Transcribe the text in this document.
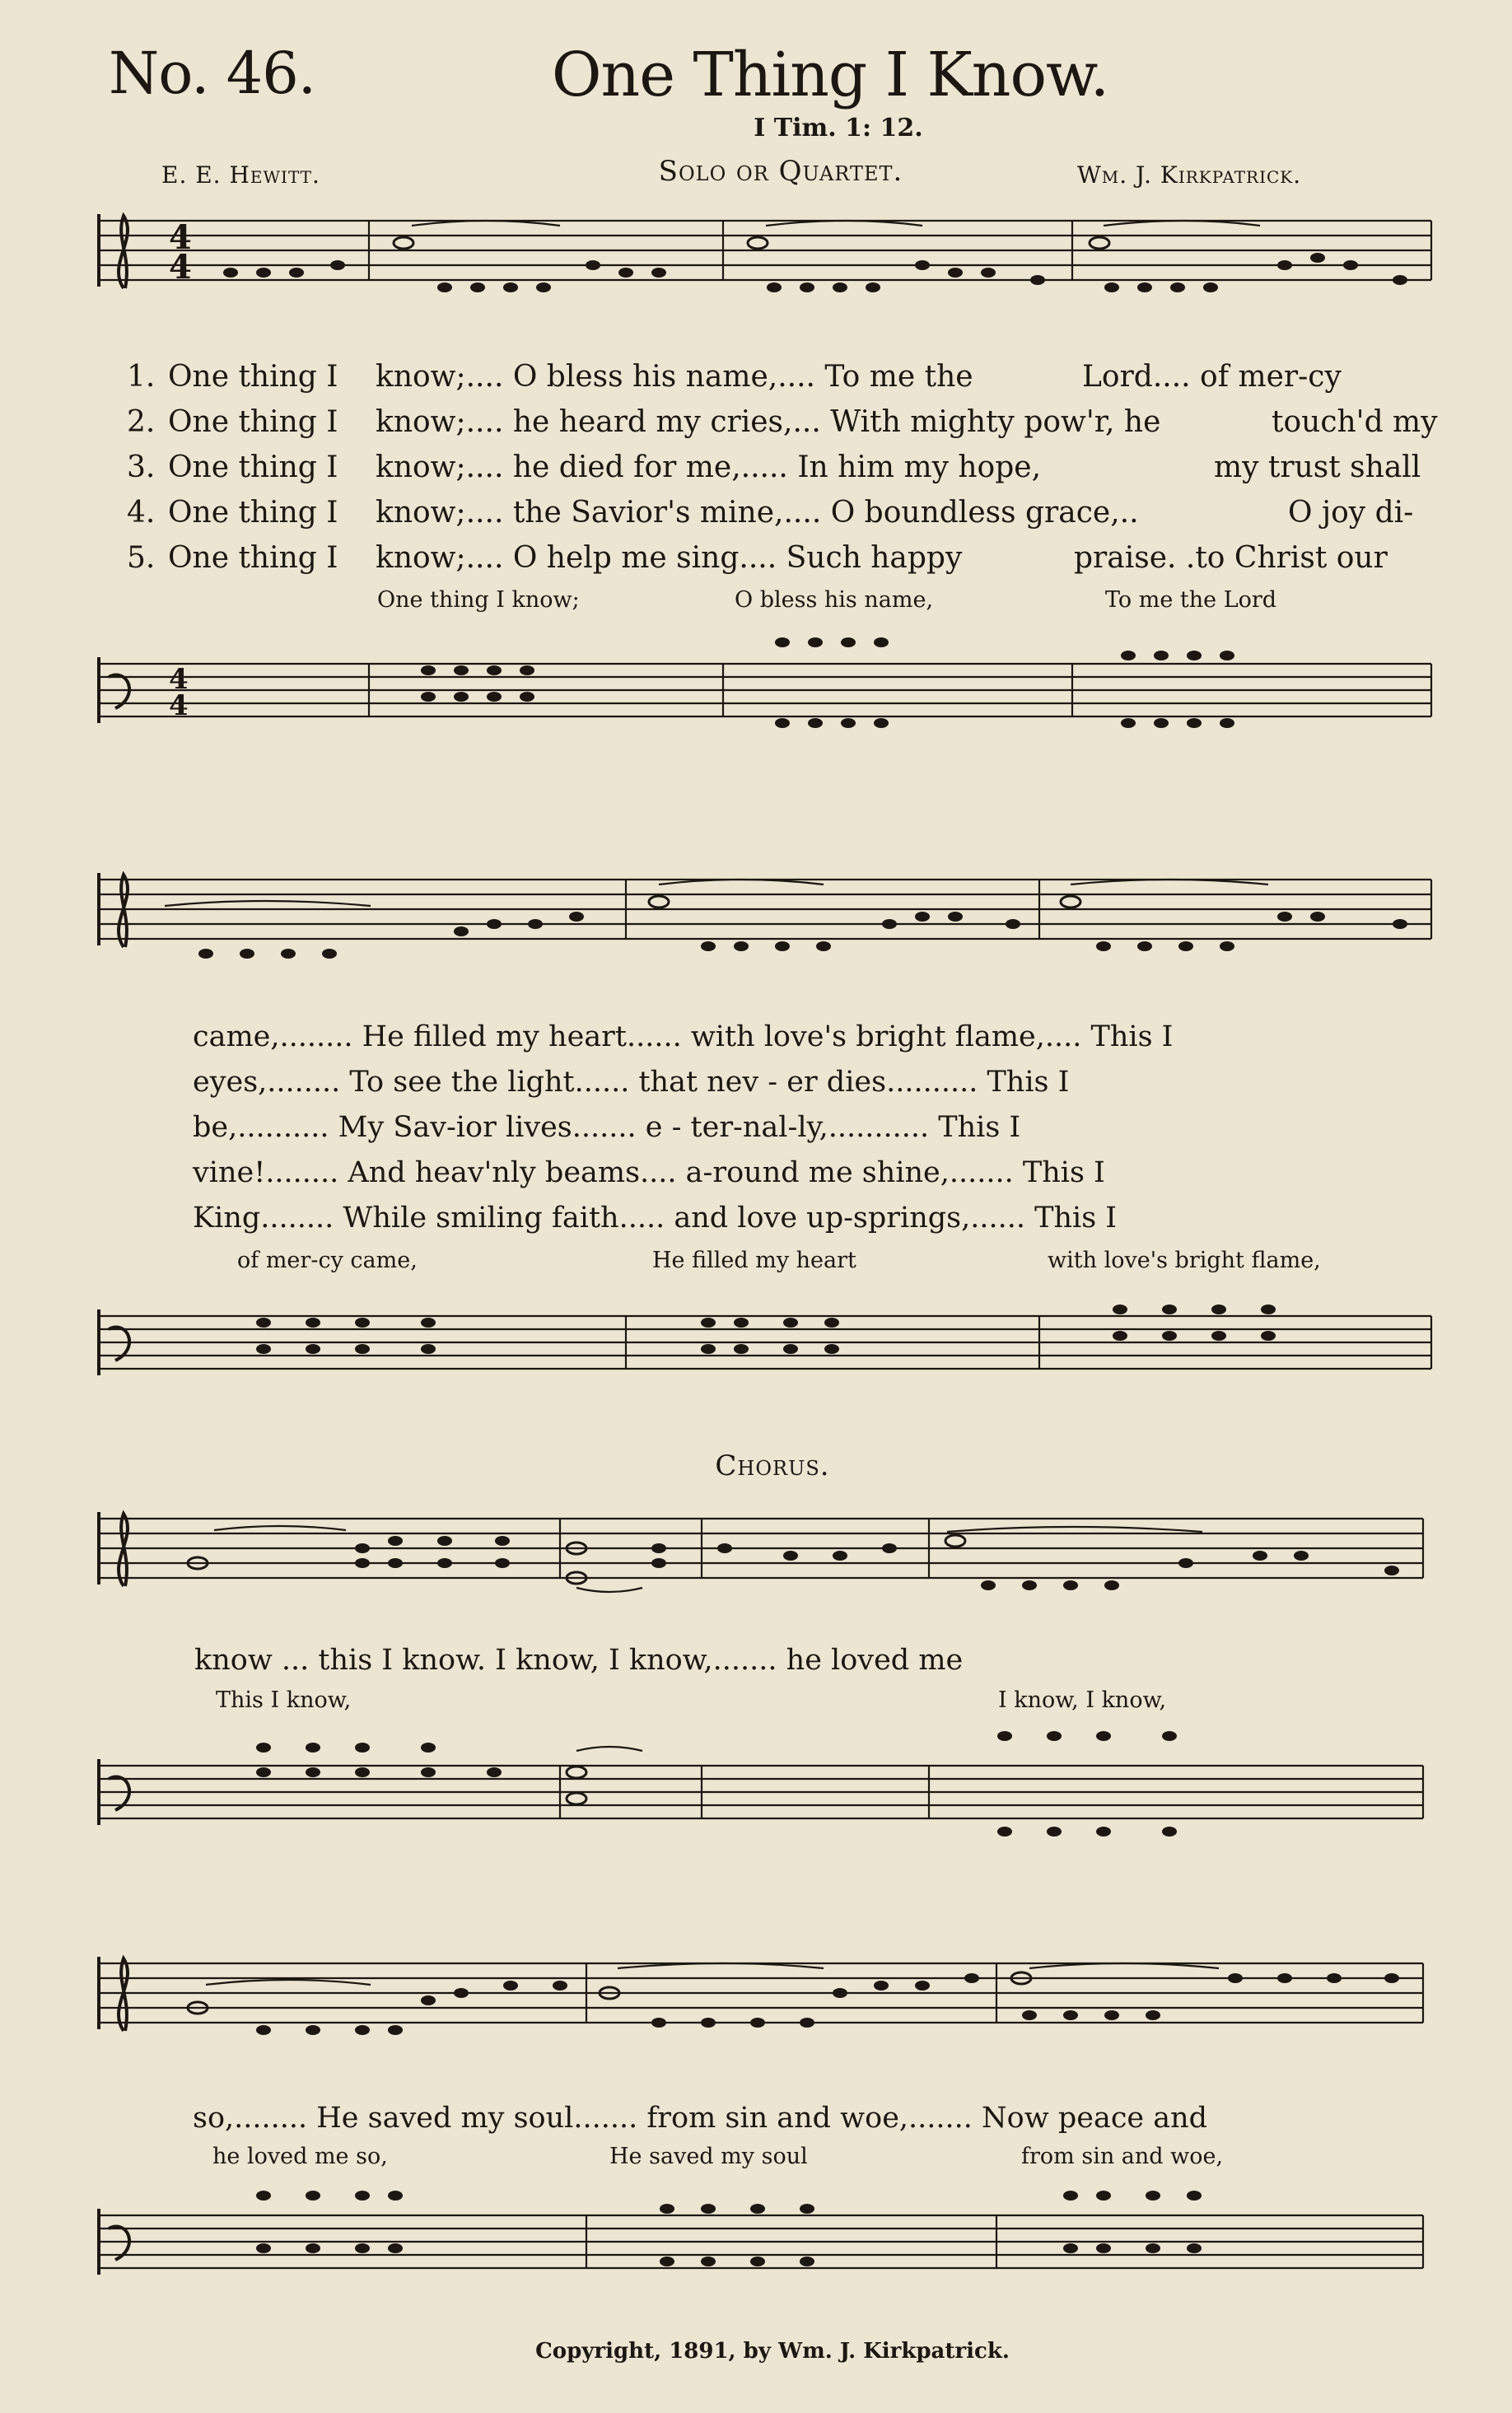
No. 46.	One Thing I Know.
I Tim. 1: 12.
E. E. Hewitt.	Solo or Quartet.	Wm. J. Kirkpatrick.
4
4
1. One thing I know;.... O bless his name,.... To me the	Lord.... of mer-cy
2. One thing I know;.... he heard my cries,... With mighty pow'r, he	touch'd my
3. One thing I know;.... he died for me,..... In him my hope,	my trust shall
4. One thing I know;.... the Savior's mine,.... O boundless grace,..	O joy di-
5. One thing I know;.... O help me sing.... Such happy	praise. .to Christ our
One thing I know;	O bless his name,	To me the Lord
4
4
came,........ He filled my heart...... with love's bright flame,.... This I
eyes,........ To see the light...... that nev - er dies.......... This I
be,.......... My Sav-ior lives....... e - ter-nal-ly,........... This I
vine!........ And heav'nly beams.... a-round me shine,....... This I
King........ While smiling faith..... and love up-springs,...... This I
of mer-cy came,	He filled my heart	with love's bright flame,
Chorus.
know ... this I know. I know, I know,....... he loved me
This I know,	I know, I know,
so,........ He saved my soul....... from sin and woe,....... Now peace and
he loved me so,	He saved my soul	from sin and woe,
Copyright, 1891, by Wm. J. Kirkpatrick.
